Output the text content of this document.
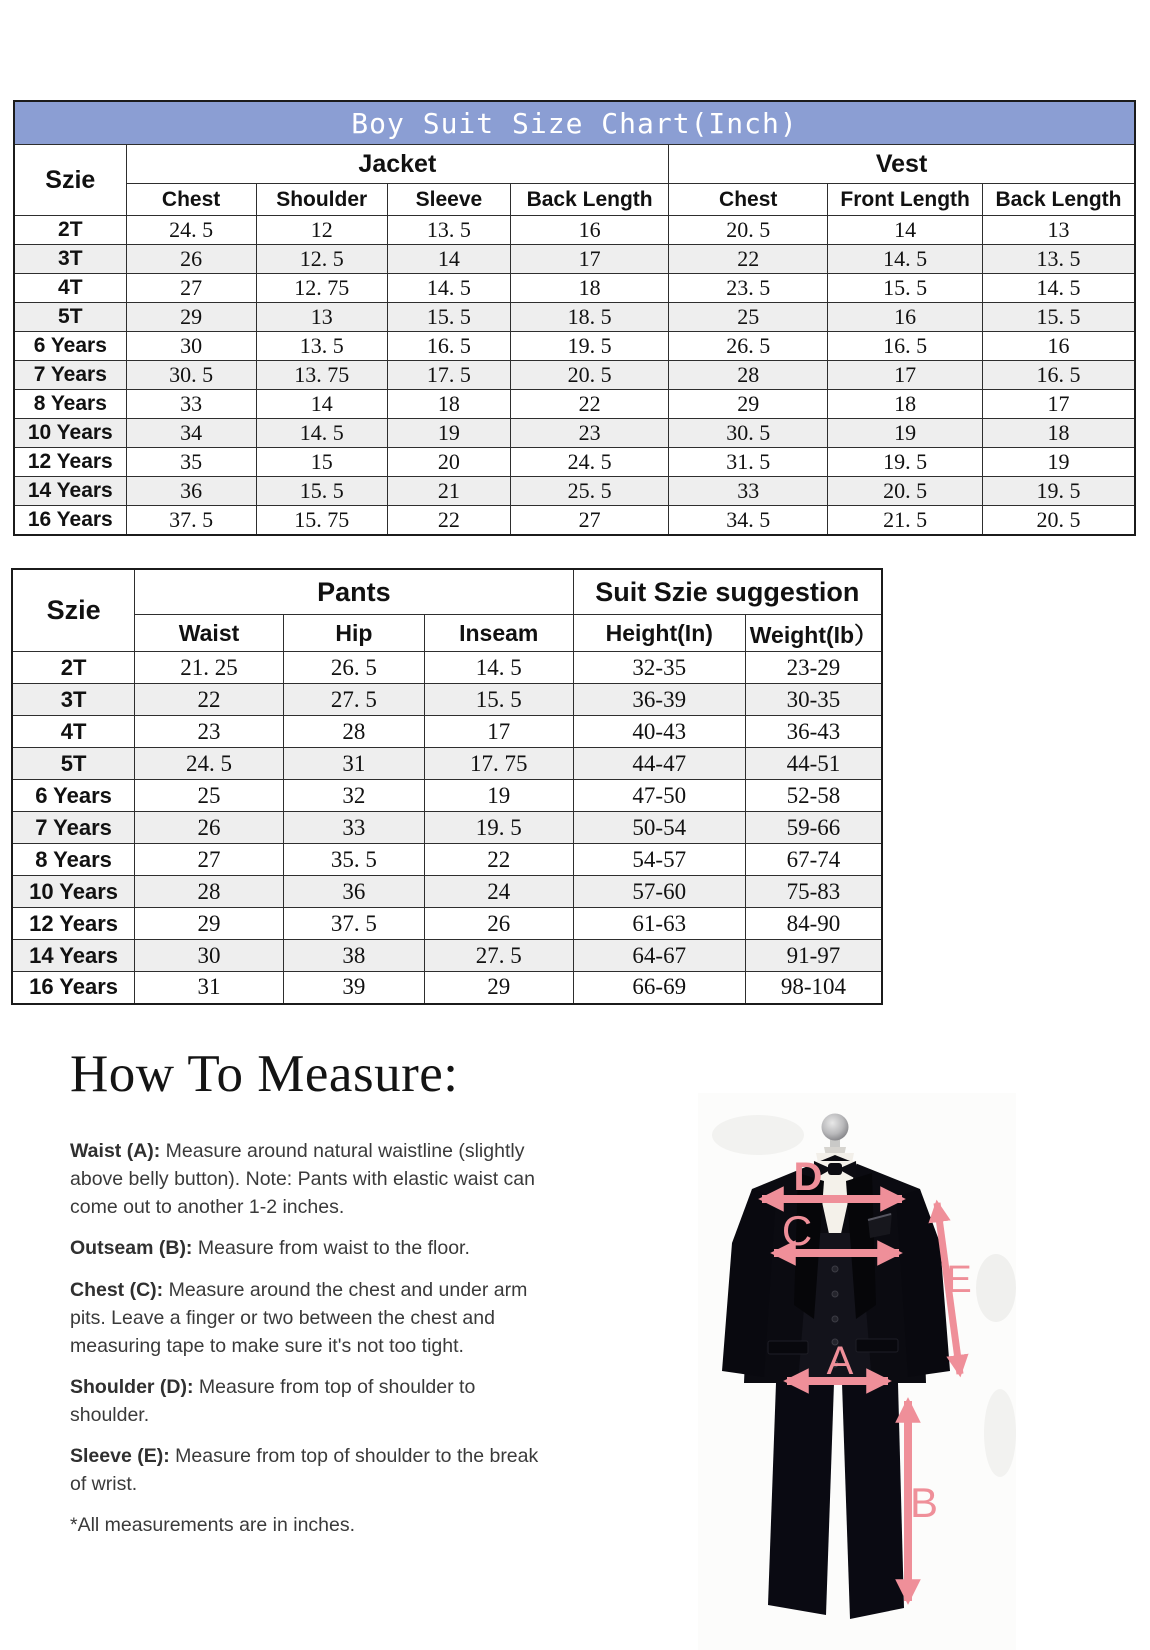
Boy Suit Size Chart(Inch)							
Szie	Jacket				Vest		
	Chest	Shoulder	Sleeve	Back Length	Chest	Front Length	Back Length
2T	24. 5	12	13. 5	16	20. 5	14	13
3T	26	12. 5	14	17	22	14. 5	13. 5
4T	27	12. 75	14. 5	18	23. 5	15. 5	14. 5
5T	29	13	15. 5	18. 5	25	16	15. 5
6 Years	30	13. 5	16. 5	19. 5	26. 5	16. 5	16
7 Years	30. 5	13. 75	17. 5	20. 5	28	17	16. 5
8 Years	33	14	18	22	29	18	17
10 Years	34	14. 5	19	23	30. 5	19	18
12 Years	35	15	20	24. 5	31. 5	19. 5	19
14 Years	36	15. 5	21	25. 5	33	20. 5	19. 5
16 Years	37. 5	15. 75	22	27	34. 5	21. 5	20. 5
Szie	Pants			Suit Szie suggestion	
	Waist	Hip	Inseam	Height(In)	Weight(Ib）
2T	21. 25	26. 5	14. 5	32-35	23-29
3T	22	27. 5	15. 5	36-39	30-35
4T	23	28	17	40-43	36-43
5T	24. 5	31	17. 75	44-47	44-51
6 Years	25	32	19	47-50	52-58
7 Years	26	33	19. 5	50-54	59-66
8 Years	27	35. 5	22	54-57	67-74
10 Years	28	36	24	57-60	75-83
12 Years	29	37. 5	26	61-63	84-90
14 Years	30	38	27. 5	64-67	91-97
16 Years	31	39	29	66-69	98-104
How To Measure:

Waist (A): Measure around natural waistline (slightly above belly button). Note: Pants with elastic waist can come out to another 1-2 inches.

Outseam (B): Measure from waist to the floor.

Chest (C): Measure around the chest and under arm pits. Leave a finger or two between the chest and measuring tape to make sure it's not too tight.

Shoulder (D): Measure from top of shoulder to shoulder.

Sleeve (E): Measure from top of shoulder to the break of wrist.

*All measurements are in inches.

D
C
E
A
B
